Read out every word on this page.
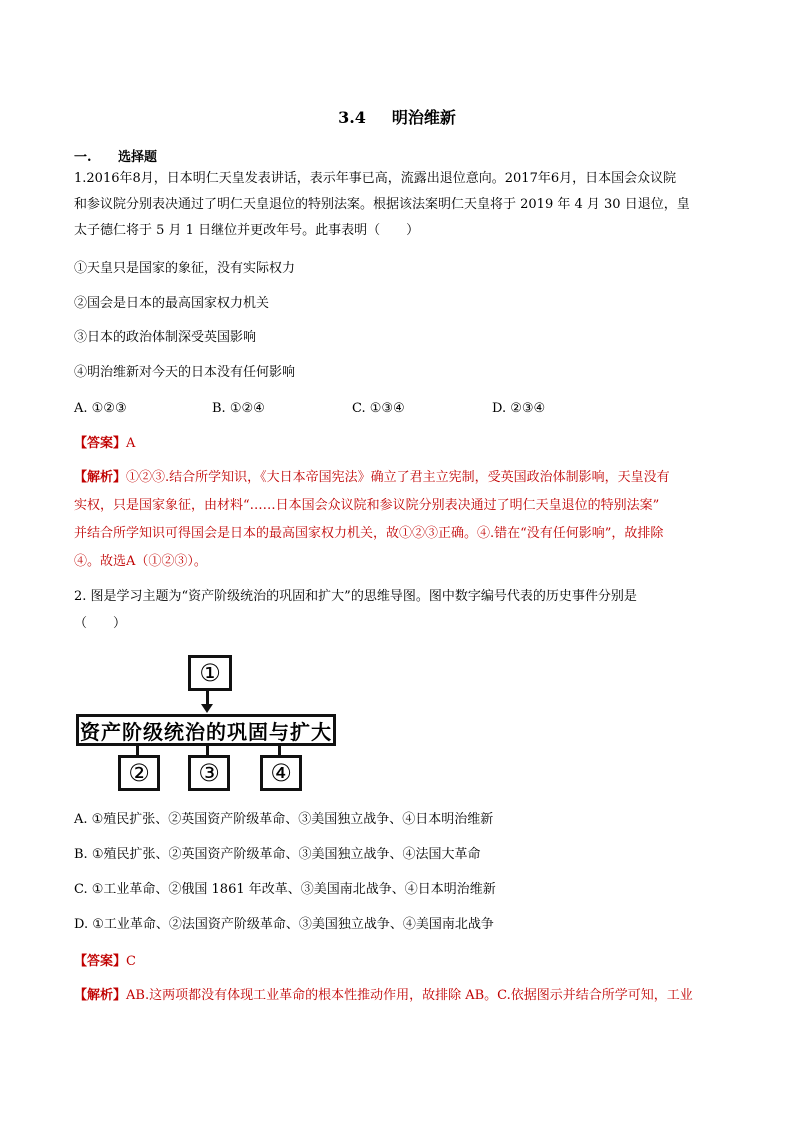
3.4 明治维新
一. 选择题
1.2016年8月，日本明仁天皇发表讲话，表示年事已高，流露出退位意向。2017年6月，日本国会众议院
和参议院分别表决通过了明仁天皇退位的特别法案。根据该法案明仁天皇将于 2019 年 4 月 30 日退位，皇
太子德仁将于 5 月 1 日继位并更改年号。此事表明（　　）
①天皇只是国家的象征，没有实际权力
②国会是日本的最高国家权力机关
③日本的政治体制深受英国影响
④明治维新对今天的日本没有任何影响
A. ①②③	B. ①②④	C. ①③④	D. ②③④
【答案】A
【解析】①②③.结合所学知识，《大日本帝国宪法》确立了君主立宪制，受英国政治体制影响，天皇没有
实权，只是国家象征，由材料“……日本国会众议院和参议院分别表决通过了明仁天皇退位的特别法案”
并结合所学知识可得国会是日本的最高国家权力机关，故①②③正确。④.错在“没有任何影响”，故排除
④。故选A（①②③）。
2. 图是学习主题为“资产阶级统治的巩固和扩大”的思维导图。图中数字编号代表的历史事件分别是
（　　）
①
资产阶级统治的巩固与扩大
②	③	④
A. ①殖民扩张、②英国资产阶级革命、③美国独立战争、④日本明治维新
B. ①殖民扩张、②英国资产阶级革命、③美国独立战争、④法国大革命
C. ①工业革命、②俄国 1861 年改革、③美国南北战争、④日本明治维新
D. ①工业革命、②法国资产阶级革命、③美国独立战争、④美国南北战争
【答案】C
【解析】AB.这两项都没有体现工业革命的根本性推动作用，故排除 AB。C.依据图示并结合所学可知，工业
